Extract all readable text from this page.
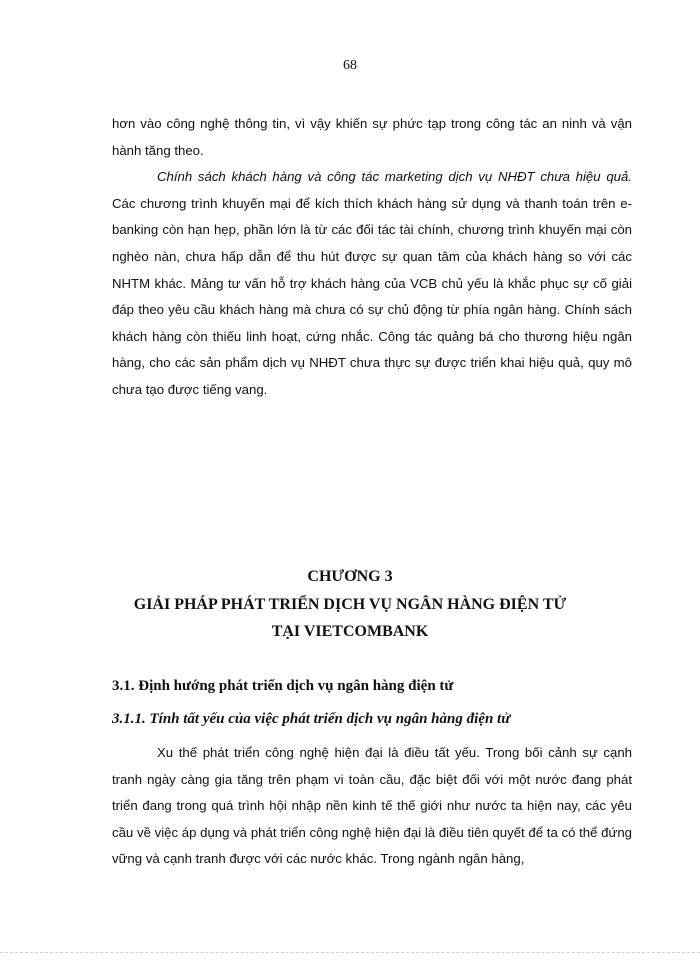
68

hơn vào công nghệ thông tin, vì vậy khiến sự phức tạp trong công tác an ninh và vận hành tăng theo.

Chính sách khách hàng và công tác marketing dịch vụ NHĐT chưa hiệu quả. Các chương trình khuyến mại để kích thích khách hàng sử dụng và thanh toán trên e-banking còn hạn hẹp, phần lớn là từ các đối tác tài chính, chương trình khuyến mại còn nghèo nàn, chưa hấp dẫn để thu hút được sự quan tâm của khách hàng so với các NHTM khác. Mảng tư vấn hỗ trợ khách hàng của VCB chủ yếu là khắc phục sự cố giải đáp theo yêu cầu khách hàng mà chưa có sự chủ động từ phía ngân hàng. Chính sách khách hàng còn thiếu linh hoạt, cứng nhắc. Công tác quảng bá cho thương hiệu ngân hàng, cho các sản phẩm dịch vụ NHĐT chưa thực sự được triển khai hiệu quả, quy mô chưa tạo được tiếng vang.

CHƯƠNG 3
GIẢI PHÁP PHÁT TRIỂN DỊCH VỤ NGÂN HÀNG ĐIỆN TỬ
TẠI VIETCOMBANK
3.1. Định hướng phát triển dịch vụ ngân hàng điện tử
3.1.1. Tính tất yếu của việc phát triển dịch vụ ngân hàng điện tử

Xu thế phát triển công nghệ hiện đại là điều tất yếu. Trong bối cảnh sự cạnh tranh ngày càng gia tăng trên phạm vi toàn cầu, đặc biệt đối với một nước đang phát triển đang trong quá trình hội nhập nền kinh tế thế giới như nước ta hiện nay, các yêu cầu về việc áp dụng và phát triển công nghệ hiện đại là điều tiên quyết để ta có thể đứng vững và cạnh tranh được với các nước khác. Trong ngành ngân hàng,
